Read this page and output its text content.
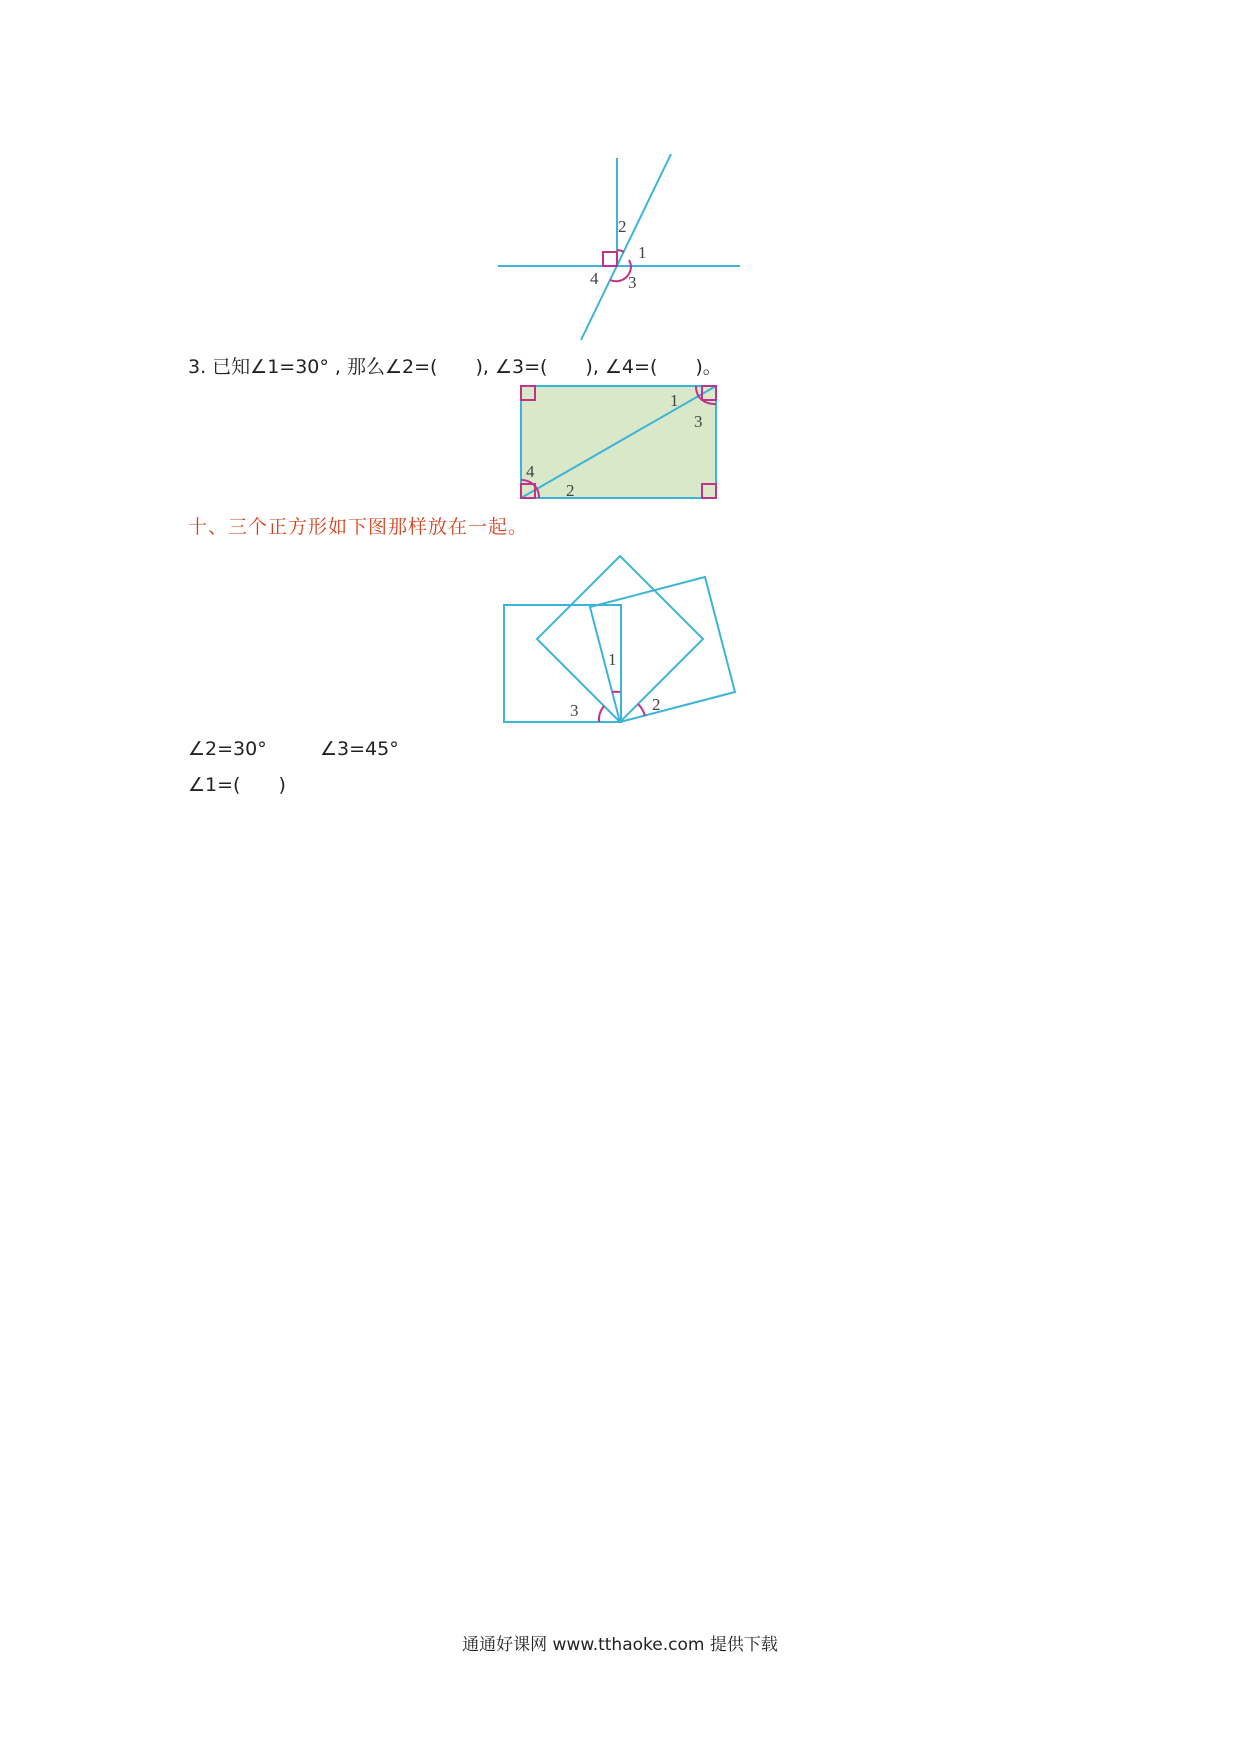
2
1
3
4
3. 已知∠1=30° , 那么∠2=(　　), ∠3=(　　), ∠4=(　　)。
1
3
4
2
十、三个正方形如下图那样放在一起。
1
3	2
∠2=30°	∠3=45°
∠1=(　　)
通通好课网 www.tthaoke.com 提供下载
